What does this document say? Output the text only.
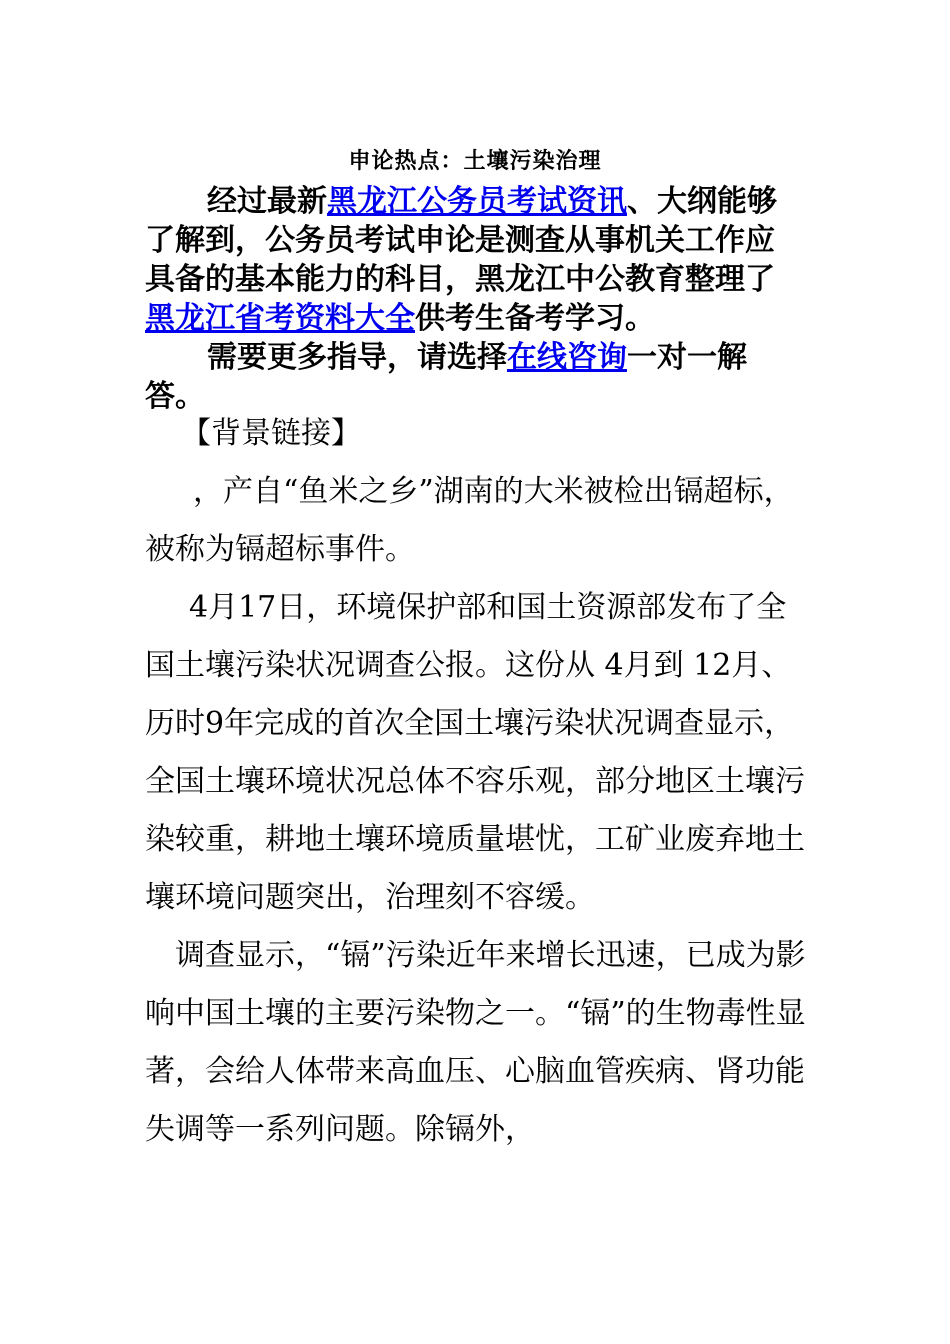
申论热点：土壤污染治理

经过最新黑龙江公务员考试资讯、大纲能够了解到，公务员考试申论是测查从事机关工作应具备的基本能力的科目，黑龙江中公教育整理了黑龙江省考资料大全供考生备考学习。

需要更多指导，请选择在线咨询一对一解答。

【背景链接】

，产自“鱼米之乡”湖南的大米被检出镉超标，被称为镉超标事件。

4月17日，环境保护部和国土资源部发布了全国土壤污染状况调查公报。这份从 4月到 12月、历时9年完成的首次全国土壤污染状况调查显示，全国土壤环境状况总体不容乐观，部分地区土壤污染较重，耕地土壤环境质量堪忧，工矿业废弃地土壤环境问题突出，治理刻不容缓。

调查显示，“镉”污染近年来增长迅速，已成为影响中国土壤的主要污染物之一。“镉”的生物毒性显著，会给人体带来高血压、心脑血管疾病、肾功能失调等一系列问题。除镉外，
